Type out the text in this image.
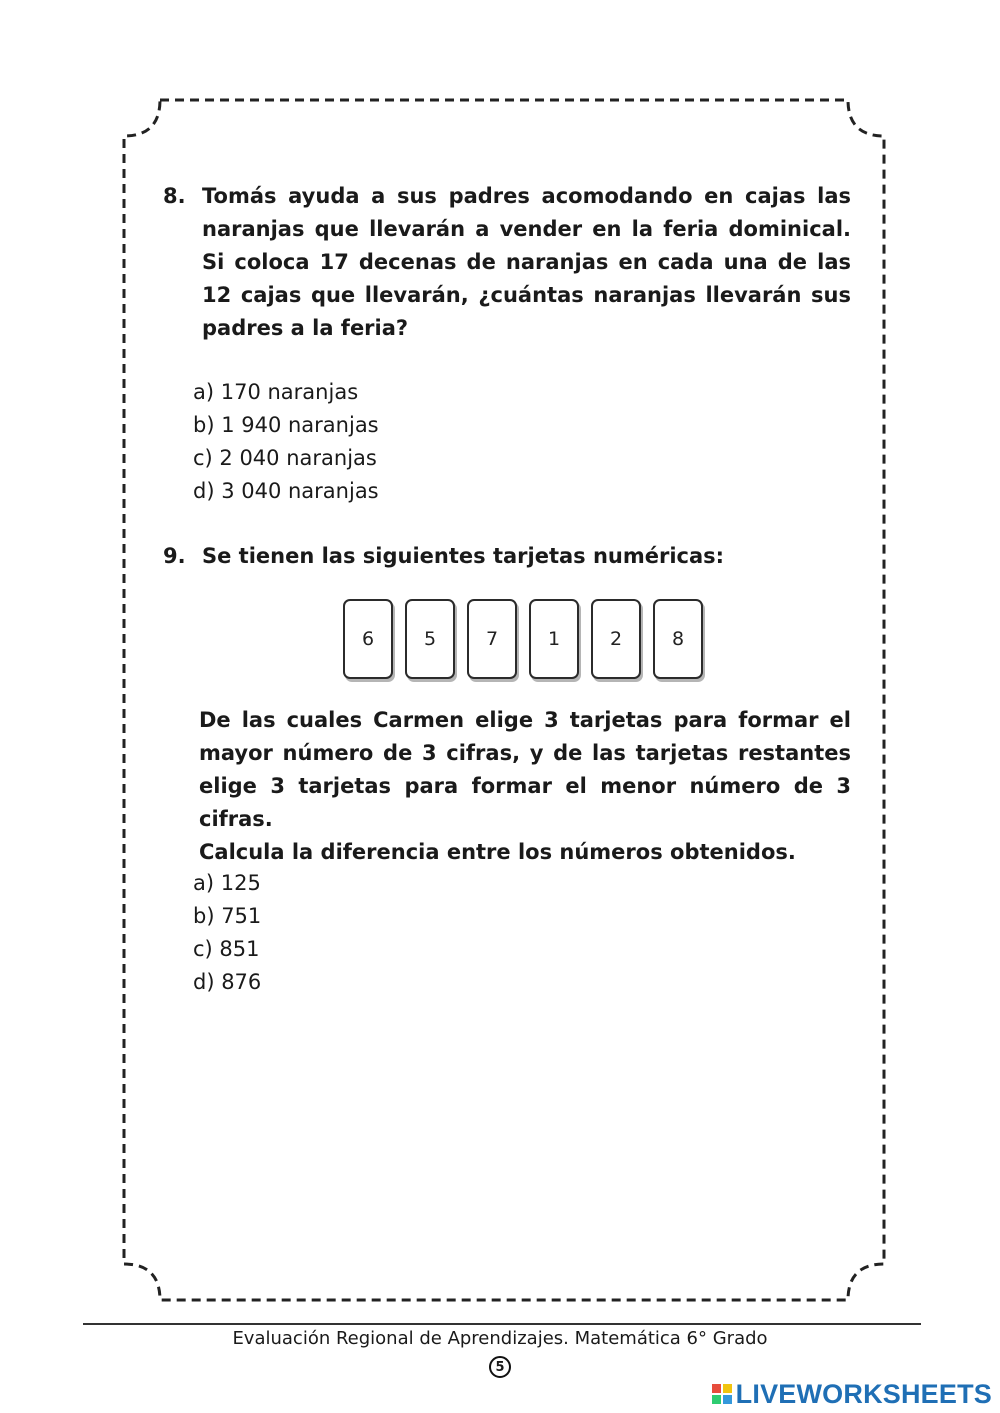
8. Tomás ayuda a sus padres acomodando en cajas las naranjas que llevarán a vender en la feria dominical. Si coloca 17 decenas de naranjas en cada una de las 12 cajas que llevarán, ¿cuántas naranjas llevarán sus padres a la feria?
a) 170 naranjas
b) 1 940 naranjas
c) 2 040 naranjas
d) 3 040 naranjas
9. Se tienen las siguientes tarjetas numéricas:
6	5	7	1	2	8

De las cuales Carmen elige 3 tarjetas para formar el mayor número de 3 cifras, y de las tarjetas restantes elige 3 tarjetas para formar el menor número de 3 cifras.

Calcula la diferencia entre los números obtenidos.

a) 125
b) 751
c) 851
d) 876
Evaluación Regional de Aprendizajes. Matemática 6° Grado
5
LIVEWORKSHEETS
